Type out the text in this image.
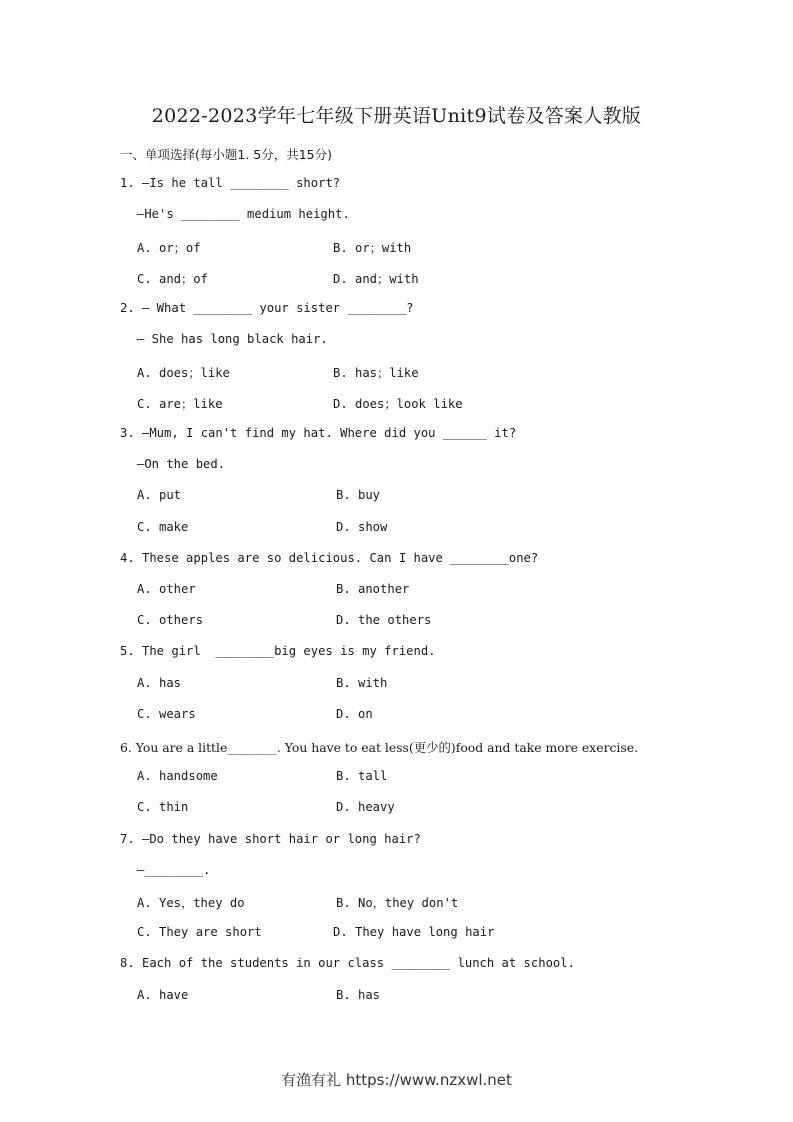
2022-2023学年七年级下册英语Unit9试卷及答案人教版
一、单项选择(每小题1. 5分，共15分)
1. —Is he tall ________ short?
—He's ________ medium height.
A. or；of	B. or；with
C. and；of	D. and；with
2. — What ________ your sister ________?
— She has long black hair.
A. does；like	B. has；like
C. are；like	D. does；look like
3. —Mum, I can't find my hat. Where did you ______ it?
—On the bed.
A. put	B. buy
C. make	D. show
4. These apples are so delicious. Can I have ________one?
A. other	B. another
C. others	D. the others
5. The girl  ________big eyes is my friend.
A. has	B. with
C. wears	D. on
6. You are a little________. You have to eat less(更少的)food and take more exercise.
A. handsome	B. tall
C. thin	D. heavy
7. —Do they have short hair or long hair?
—________.
A. Yes，they do	B. No，they don't
C. They are short	D. They have long hair
8. Each of the students in our class ________ lunch at school.
A. have	B. has
有渔有礼 https://www.nzxwl.net
